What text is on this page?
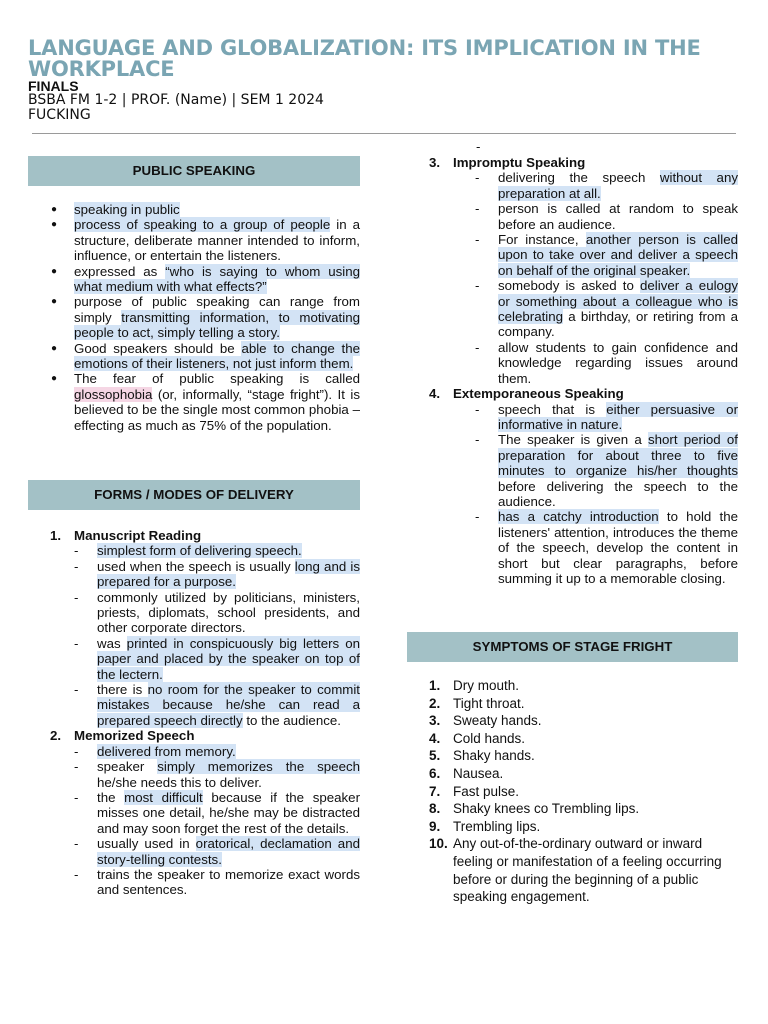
LANGUAGE AND GLOBALIZATION: ITS IMPLICATION IN THE WORKPLACE
FINALS
BSBA FM 1-2 | PROF. (Name) | SEM 1 2024
FUCKING
PUBLIC SPEAKING
● speaking in public
● process of speaking to a group of people in a structure, deliberate manner intended to inform, influence, or entertain the listeners.
● expressed as “who is saying to whom using what medium with what effects?”
● purpose of public speaking can range from simply transmitting information, to motivating people to act, simply telling a story.
● Good speakers should be able to change the emotions of their listeners, not just inform them.
● The fear of public speaking is called glossophobia (or, informally, “stage fright”). It is believed to be the single most common phobia – effecting as much as 75% of the population.
FORMS / MODES OF DELIVERY
1. Manuscript Reading
- simplest form of delivering speech.
- used when the speech is usually long and is prepared for a purpose.
- commonly utilized by politicians, ministers, priests, diplomats, school presidents, and other corporate directors.
- was printed in conspicuously big letters on paper and placed by the speaker on top of the lectern.
- there is no room for the speaker to commit mistakes because he/she can read a prepared speech directly to the audience.
2. Memorized Speech
- delivered from memory.
- speaker simply memorizes the speech he/she needs this to deliver.
- the most difficult because if the speaker misses one detail, he/she may be distracted and may soon forget the rest of the details.
- usually used in oratorical, declamation and story-telling contests.
- trains the speaker to memorize exact words and sentences.
-
3. Impromptu Speaking
- delivering the speech without any preparation at all.
- person is called at random to speak before an audience.
- For instance, another person is called upon to take over and deliver a speech on behalf of the original speaker.
- somebody is asked to deliver a eulogy or something about a colleague who is celebrating a birthday, or retiring from a company.
- allow students to gain confidence and knowledge regarding issues around them.
4. Extemporaneous Speaking
- speech that is either persuasive or informative in nature.
- The speaker is given a short period of preparation for about three to five minutes to organize his/her thoughts before delivering the speech to the audience.
- has a catchy introduction to hold the listeners' attention, introduces the theme of the speech, develop the content in short but clear paragraphs, before summing it up to a memorable closing.
SYMPTOMS OF STAGE FRIGHT
1. Dry mouth.
2. Tight throat.
3. Sweaty hands.
4. Cold hands.
5. Shaky hands.
6. Nausea.
7. Fast pulse.
8. Shaky knees co Trembling lips.
9. Trembling lips.
10. Any out-of-the-ordinary outward or inward feeling or manifestation of a feeling occurring before or during the beginning of a public speaking engagement.
